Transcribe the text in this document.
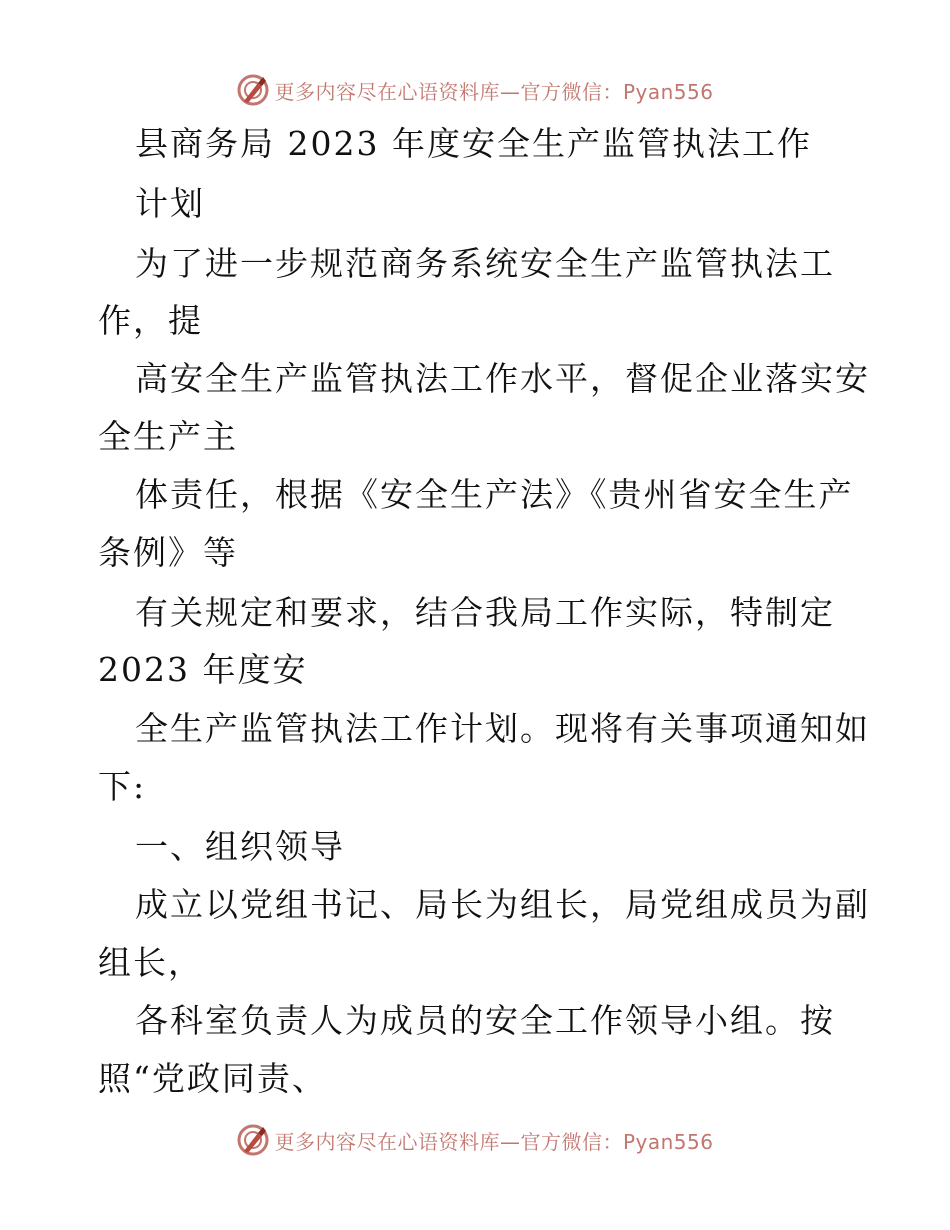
更多内容尽在心语资料库—官方微信：Pyan556
县商务局 2023 年度安全生产监管执法工作
计划
为了进一步规范商务系统安全生产监管执法工
作，提
高安全生产监管执法工作水平，督促企业落实安
全生产主
体责任，根据《安全生产法》《贵州省安全生产
条例》等
有关规定和要求，结合我局工作实际，特制定
2023 年度安
全生产监管执法工作计划。现将有关事项通知如
下:
一、组织领导
成立以党组书记、局长为组长，局党组成员为副
组长，
各科室负责人为成员的安全工作领导小组。按
照“党政同责、
更多内容尽在心语资料库—官方微信：Pyan556
